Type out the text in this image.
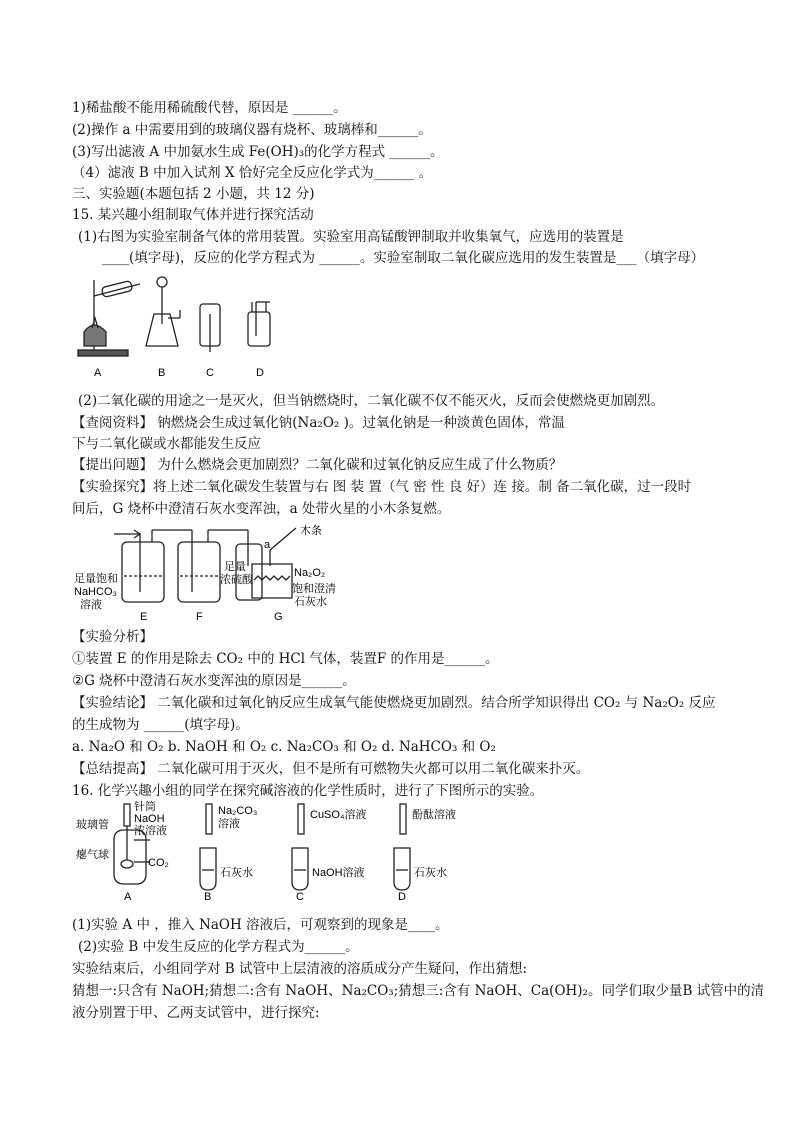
1)稀盐酸不能用稀硫酸代替，原因是 ______。
(2)操作 a 中需要用到的玻璃仪器有烧杯、玻璃棒和______。
(3)写出滤液 A 中加氨水生成 Fe(OH)₃的化学方程式 ______。
（4）滤液 B 中加入试剂 X 恰好完全反应化学式为______ 。
三、实验题(本题包括 2 小题，共 12 分)
15. 某兴趣小组制取气体并进行探究活动
(1)右图为实验室制备气体的常用装置。实验室用高锰酸钾制取并收集氧气，应选用的装置是
____(填字母)，反应的化学方程式为 ______。实验室制取二氧化碳应选用的发生装置是___（填字母）
A	B	C	D
(2)二氧化碳的用途之一是灭火，但当钠燃烧时，二氧化碳不仅不能灭火，反而会使燃烧更加剧烈。
【查阅资料】 钠燃烧会生成过氧化钠(Na₂O₂ )。过氧化钠是一种淡黄色固体，常温
下与二氧化碳或水都能发生反应
【提出问题】 为什么燃烧会更加剧烈？二氧化碳和过氧化钠反应生成了什么物质？
【实验探究】将上述二氧化碳发生装置与右 图 装 置（气 密 性 良 好）连 接。制 备二氧化碳，过一段时
间后，G 烧杯中澄清石灰水变浑浊，a 处带火星的小木条复燃。
a
木条
足量饱和
NaHCO₃
溶液
足量
浓硫酸
Na₂O₂
饱和澄清
石灰水
E	F	G
【实验分析】
①装置 E 的作用是除去 CO₂ 中的 HCl 气体，装置F 的作用是______。
②G 烧杯中澄清石灰水变浑浊的原因是______。
【实验结论】 二氧化碳和过氧化钠反应生成氧气能使燃烧更加剧烈。结合所学知识得出 CO₂ 与 Na₂O₂ 反应
的生成物为 ______(填字母)。
a. Na₂O 和 O₂ b. NaOH 和 O₂ c. Na₂CO₃ 和 O₂ d. NaHCO₃ 和 O₂
【总结提高】 二氧化碳可用于灭火，但不是所有可燃物失火都可以用二氧化碳来扑灭。
16. 化学兴趣小组的同学在探究碱溶液的化学性质时，进行了下图所示的实验。
针筒
NaOH
浓溶液
玻璃管
瘪气球
CO₂
Na₂CO₃
溶液
石灰水
CuSO₄溶液
NaOH溶液
酚酞溶液
石灰水
A	B	C	D
(1)实验 A 中 ，推入 NaOH 溶液后，可观察到的现象是____。
(2)实验 B 中发生反应的化学方程式为______。
实验结束后，小组同学对 B 试管中上层清液的溶质成分产生疑问，作出猜想:
猜想一:只含有 NaOH;猜想二:含有 NaOH、Na₂CO₃;猜想三:含有 NaOH、Ca(OH)₂。同学们取少量B 试管中的清
液分别置于甲、乙两支试管中，进行探究:
